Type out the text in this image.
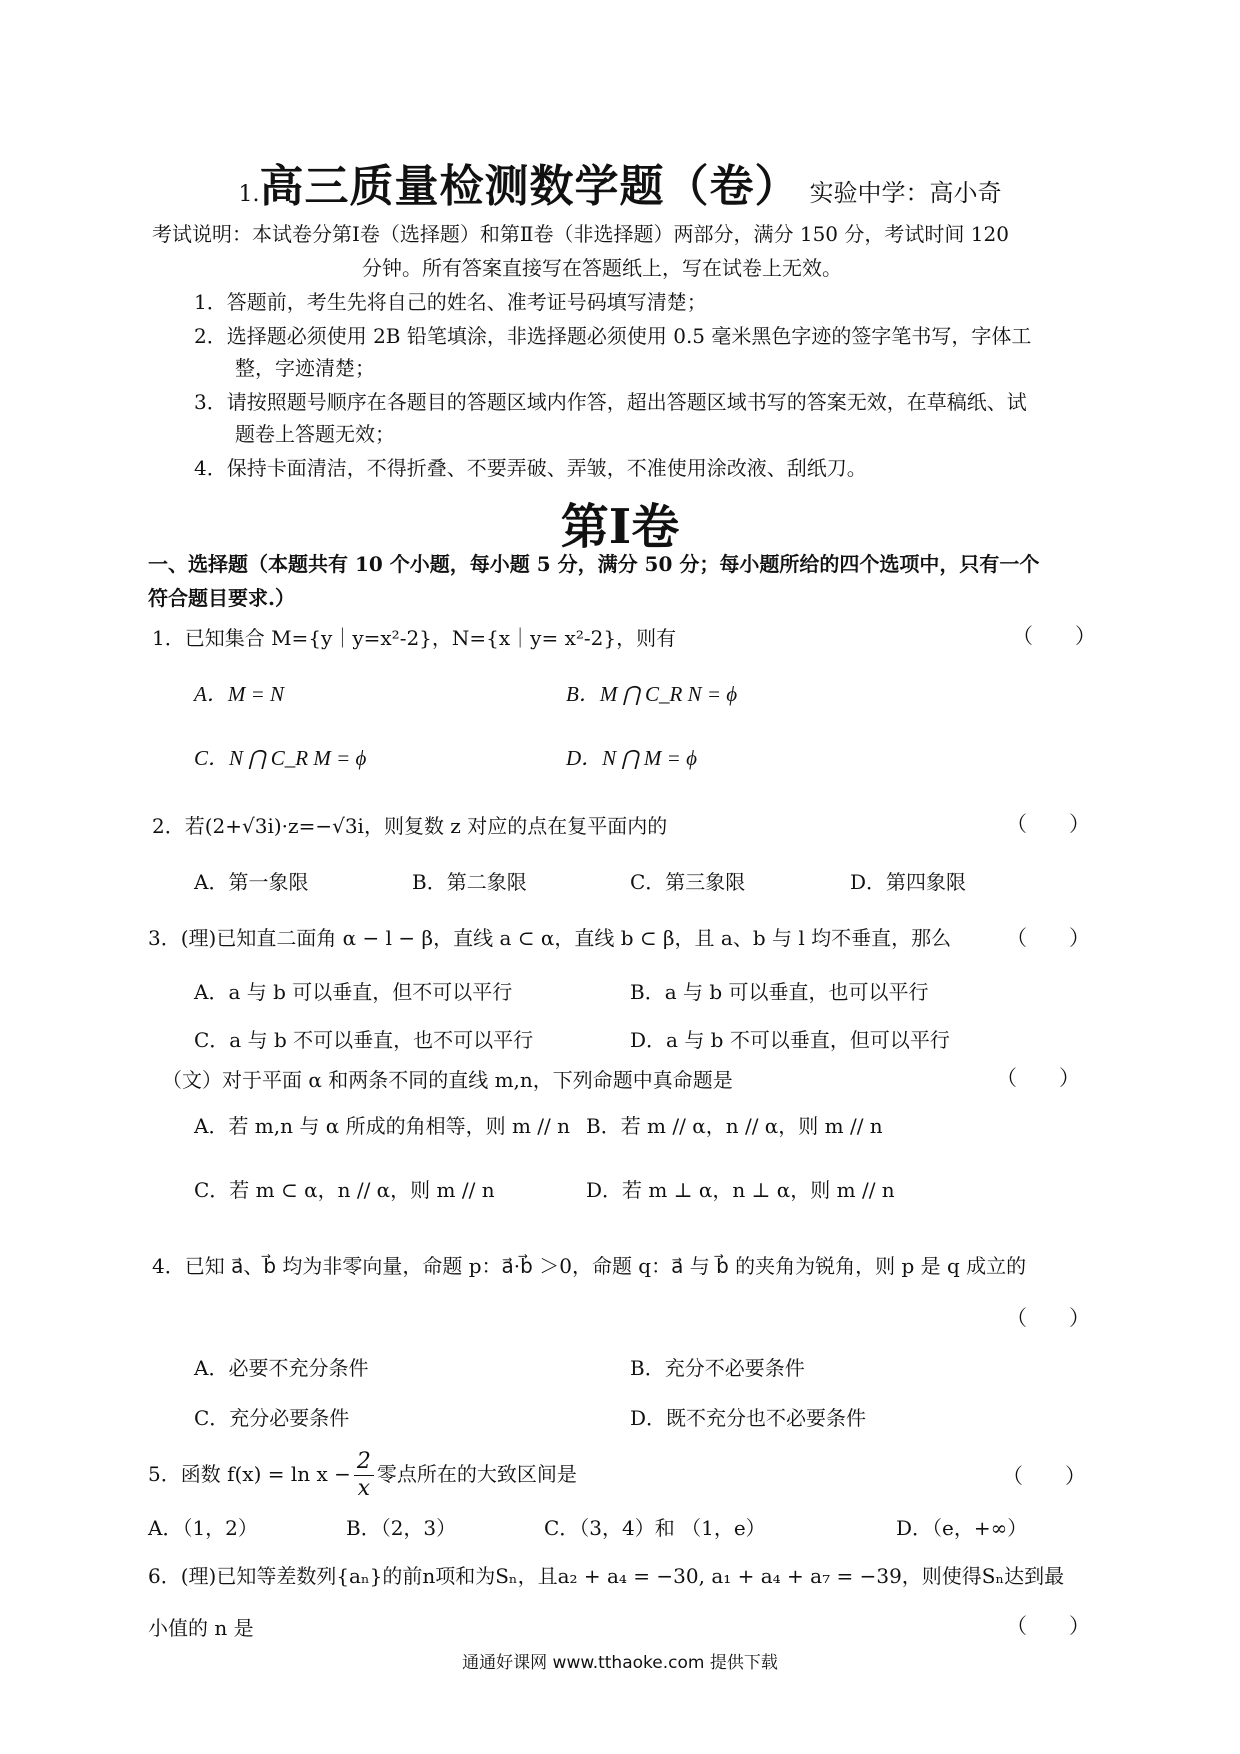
1.高三质量检测数学题（卷） 实验中学：高小奇
考试说明：本试卷分第Ⅰ卷（选择题）和第Ⅱ卷（非选择题）两部分，满分 150 分，考试时间 120
分钟。所有答案直接写在答题纸上，写在试卷上无效。
1．答题前，考生先将自己的姓名、准考证号码填写清楚；
2．选择题必须使用 2B 铅笔填涂，非选择题必须使用 0.5 毫米黑色字迹的签字笔书写，字体工
整，字迹清楚；
3．请按照题号顺序在各题目的答题区域内作答，超出答题区域书写的答案无效，在草稿纸、试
题卷上答题无效；
4．保持卡面清洁，不得折叠、不要弄破、弄皱，不准使用涂改液、刮纸刀。
第Ⅰ卷
一、选择题（本题共有 10 个小题，每小题 5 分，满分 50 分；每小题所给的四个选项中，只有一个
符合题目要求.）
1．已知集合 M={y｜y=x²-2}，N={x｜y= x²-2}，则有	（　　）
A．M = N	B．M ⋂ C_R N = ϕ
C．N ⋂ C_R M = ϕ	D．N ⋂ M = ϕ
2．若(2+√3i)·z=−√3i，则复数 z 对应的点在复平面内的	（　　）
A．第一象限	B．第二象限	C．第三象限	D．第四象限
3．(理)已知直二面角 α − l − β，直线 a ⊂ α，直线 b ⊂ β，且 a、b 与 l 均不垂直，那么	（　　）
A．a 与 b 可以垂直，但不可以平行	B．a 与 b 可以垂直，也可以平行
C．a 与 b 不可以垂直，也不可以平行	D．a 与 b 不可以垂直，但可以平行
（文）对于平面 α 和两条不同的直线 m,n，下列命题中真命题是	（　　）
A．若 m,n 与 α 所成的角相等，则 m // n B．若 m // α，n // α，则 m // n
C．若 m ⊂ α，n // α，则 m // n	D．若 m ⊥ α，n ⊥ α，则 m // n
4．已知 a⃗、b⃗ 均为非零向量，命题 p：a⃗·b⃗ ＞0，命题 q：a⃗ 与 b⃗ 的夹角为锐角，则 p 是 q 成立的
（　　）
A．必要不充分条件	B．充分不必要条件
C．充分必要条件	D．既不充分也不必要条件
5．函数 $f(x) = \ln x - \frac{2}{x}$ 零点所在的大致区间是	（　　）
A．（1，2）	B．（2，3）	C．（3，4）和 （1，e）	D．（e，+∞）
6．(理)已知等差数列{aₙ}的前n项和为Sₙ，且a₂ + a₄ = −30, a₁ + a₄ + a₇ = −39，则使得Sₙ达到最
小值的 n 是	（　　）
通通好课网 www.tthaoke.com 提供下载
